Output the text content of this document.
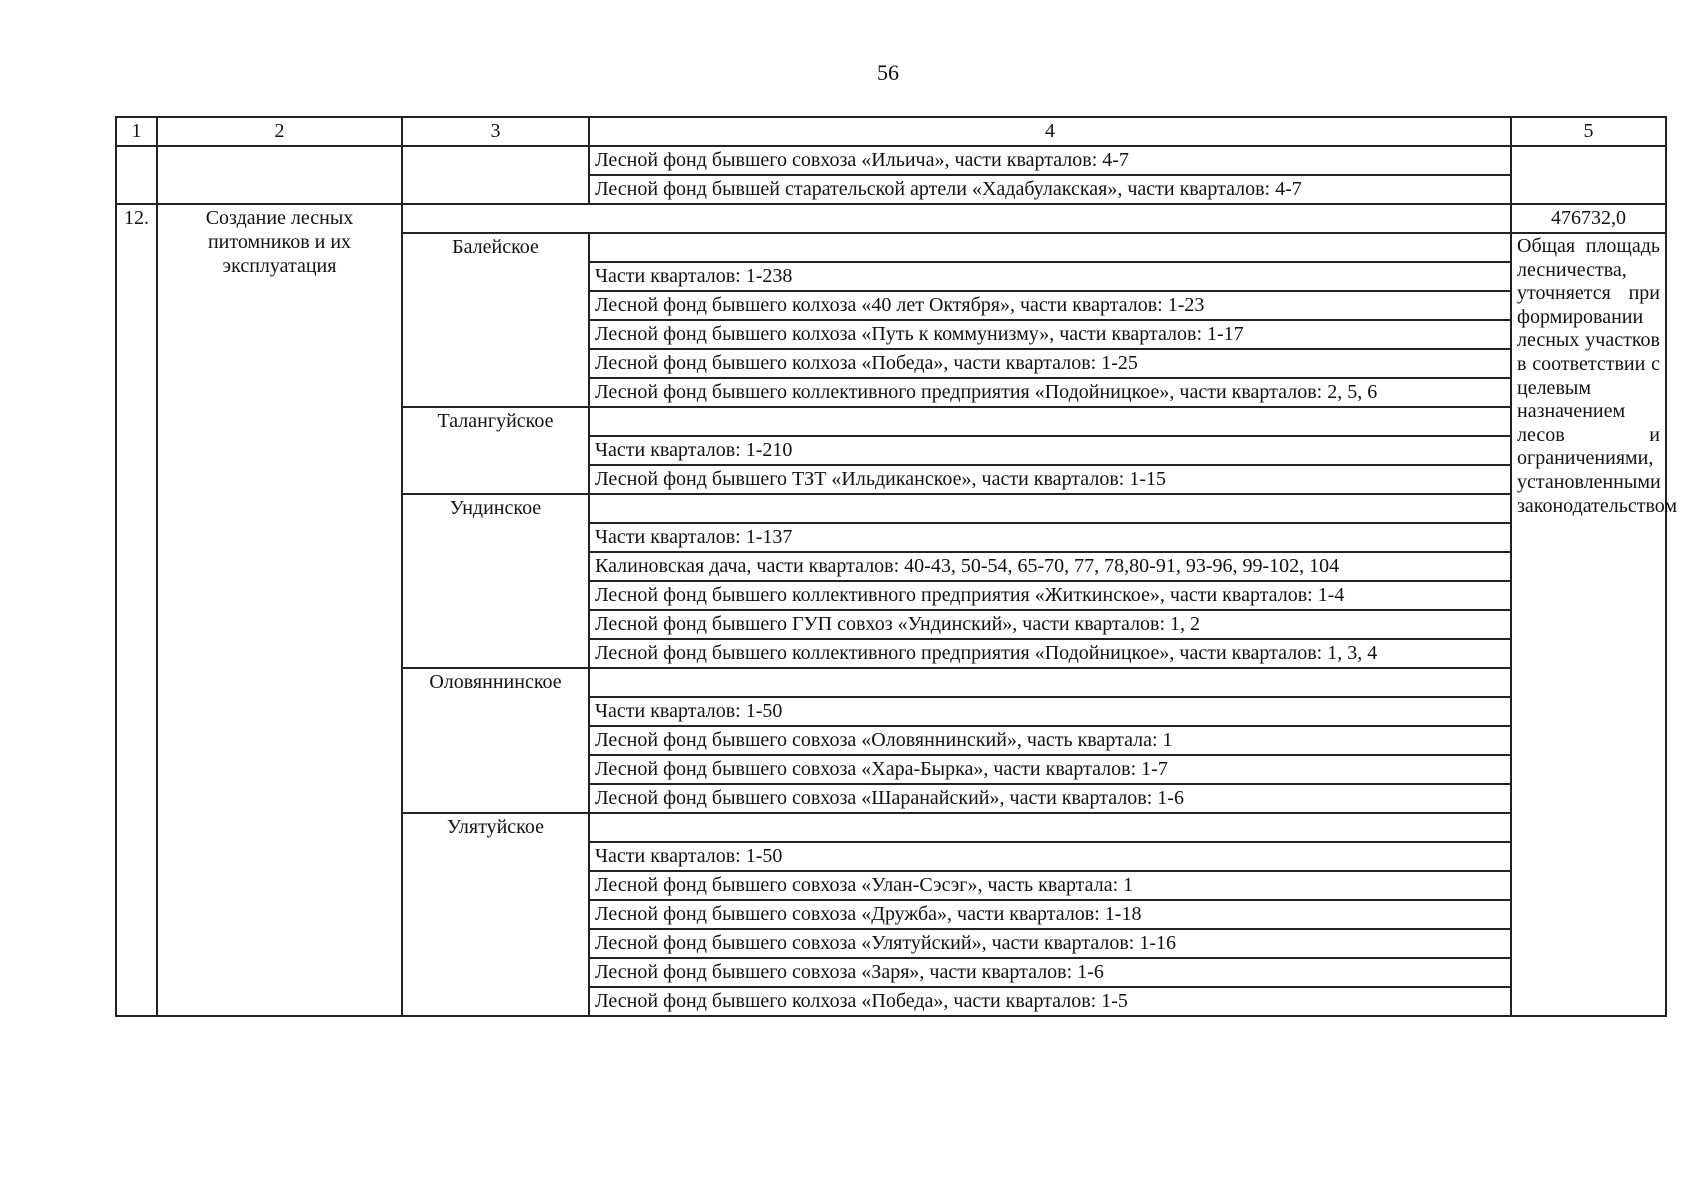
56
1	2	3	4	5
			Лесной фонд бывшего совхоза «Ильича», части кварталов: 4-7	
			Лесной фонд бывшей старательской артели «Хадабулакская», части кварталов: 4-7	
12.	Создание лесных питомников и их эксплуатация			476732,0
		Балейское		Общая площадь лесничества, уточняется при формировании лесных участков в соответствии с целевым назначением лесов и ограничениями, установленными законодательством
			Части кварталов: 1-238	
			Лесной фонд бывшего колхоза «40 лет Октября», части кварталов: 1-23	
			Лесной фонд бывшего колхоза «Путь к коммунизму», части кварталов: 1-17	
			Лесной фонд бывшего колхоза «Победа», части кварталов: 1-25	
			Лесной фонд бывшего коллективного предприятия «Подойницкое», части кварталов: 2, 5, 6	
		Талангуйское		
			Части кварталов: 1-210	
			Лесной фонд бывшего ТЗТ «Ильдиканское», части кварталов: 1-15	
		Ундинское		
			Части кварталов: 1-137	
			Калиновская дача, части кварталов: 40-43, 50-54, 65-70, 77, 78,80-91, 93-96, 99-102, 104	
			Лесной фонд бывшего коллективного предприятия «Житкинское», части кварталов: 1-4	
			Лесной фонд бывшего ГУП совхоз «Ундинский», части кварталов: 1, 2	
			Лесной фонд бывшего коллективного предприятия «Подойницкое», части кварталов: 1, 3, 4	
		Оловяннинское		
			Части кварталов: 1-50	
			Лесной фонд бывшего совхоза «Оловяннинский», часть квартала: 1	
			Лесной фонд бывшего совхоза «Хара-Бырка», части кварталов: 1-7	
			Лесной фонд бывшего совхоза «Шаранайский», части кварталов: 1-6	
		Улятуйское		
			Части кварталов: 1-50	
			Лесной фонд бывшего совхоза «Улан-Сэсэг», часть квартала: 1	
			Лесной фонд бывшего совхоза «Дружба», части кварталов: 1-18	
			Лесной фонд бывшего совхоза «Улятуйский», части кварталов: 1-16	
			Лесной фонд бывшего совхоза «Заря», части кварталов: 1-6	
			Лесной фонд бывшего колхоза «Победа», части кварталов: 1-5	
